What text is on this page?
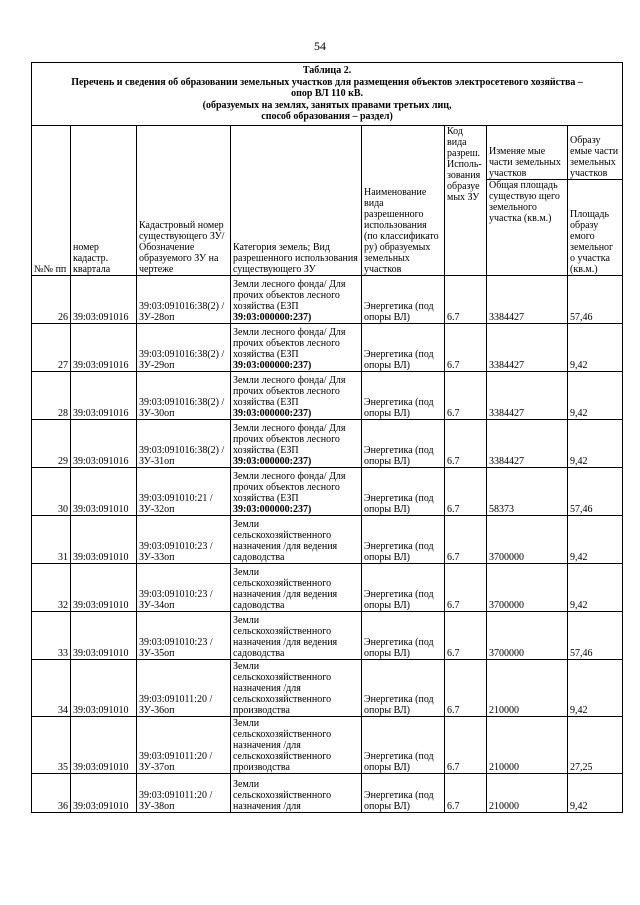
54
Таблица 2.
Перечень и сведения об образовании земельных участков для размещения объектов электросетевого хозяйства –
опор ВЛ 110 кВ.
(образуемых на землях, занятых правами третьих лиц,
способ образования – раздел)							

№№ пп	номер кадастр. квартала	Кадастровый номер существующего ЗУ/ Обозначение образуемого ЗУ на чертеже	Категория земель; Вид разрешенного использования существующего ЗУ	Наименование вида разрешенного использования (по классификато ру) образуемых земельных участков	Код вида разреш. Исполь- зования образуе мых ЗУ	Изменяе мые части земельных участков	Образу емые части земельных участков
						Общая площадь существую щего земельного участка (кв.м.)	Площадь образу емого земельног о участка (кв.м.)

26	39:03:091016	39:03:091016:38(2) / ЗУ-28оп	Земли лесного фонда/ Для прочих объектов лесного хозяйства (ЕЗП
39:03:000000:237)	Энергетика (под опоры ВЛ)	6.7	3384427	57,46

27	39:03:091016	39:03:091016:38(2) / ЗУ-29оп	Земли лесного фонда/ Для прочих объектов лесного хозяйства (ЕЗП
39:03:000000:237)	Энергетика (под опоры ВЛ)	6.7	3384427	9,42

28	39:03:091016	39:03:091016:38(2) / ЗУ-30оп	Земли лесного фонда/ Для прочих объектов лесного хозяйства (ЕЗП
39:03:000000:237)	Энергетика (под опоры ВЛ)	6.7	3384427	9,42

29	39:03:091016	39:03:091016:38(2) / ЗУ-31оп	Земли лесного фонда/ Для прочих объектов лесного хозяйства (ЕЗП
39:03:000000:237)	Энергетика (под опоры ВЛ)	6.7	3384427	9,42

30	39:03:091010	39:03:091010:21 / ЗУ-32оп	Земли лесного фонда/ Для прочих объектов лесного хозяйства (ЕЗП
39:03:000000:237)	Энергетика (под опоры ВЛ)	6.7	58373	57,46

31	39:03:091010	39:03:091010:23 / ЗУ-33оп	Земли сельскохозяйственного назначения /для ведения садоводства	Энергетика (под опоры ВЛ)	6.7	3700000	9,42

32	39:03:091010	39:03:091010:23 / ЗУ-34оп	Земли сельскохозяйственного назначения /для ведения садоводства	Энергетика (под опоры ВЛ)	6.7	3700000	9,42

33	39:03:091010	39:03:091010:23 / ЗУ-35оп	Земли сельскохозяйственного назначения /для ведения садоводства	Энергетика (под опоры ВЛ)	6.7	3700000	57,46

34	39:03:091010	39:03:091011:20 / ЗУ-36оп	Земли сельскохозяйственного назначения /для сельскохозяйственного производства	Энергетика (под опоры ВЛ)	6.7	210000	9,42

35	39:03:091010	39:03:091011:20 / ЗУ-37оп	Земли сельскохозяйственного назначения /для сельскохозяйственного производства	Энергетика (под опоры ВЛ)	6.7	210000	27,25

36	39:03:091010	39:03:091011:20 / ЗУ-38оп	Земли сельскохозяйственного назначения /для	Энергетика (под опоры ВЛ)	6.7	210000	9,42
